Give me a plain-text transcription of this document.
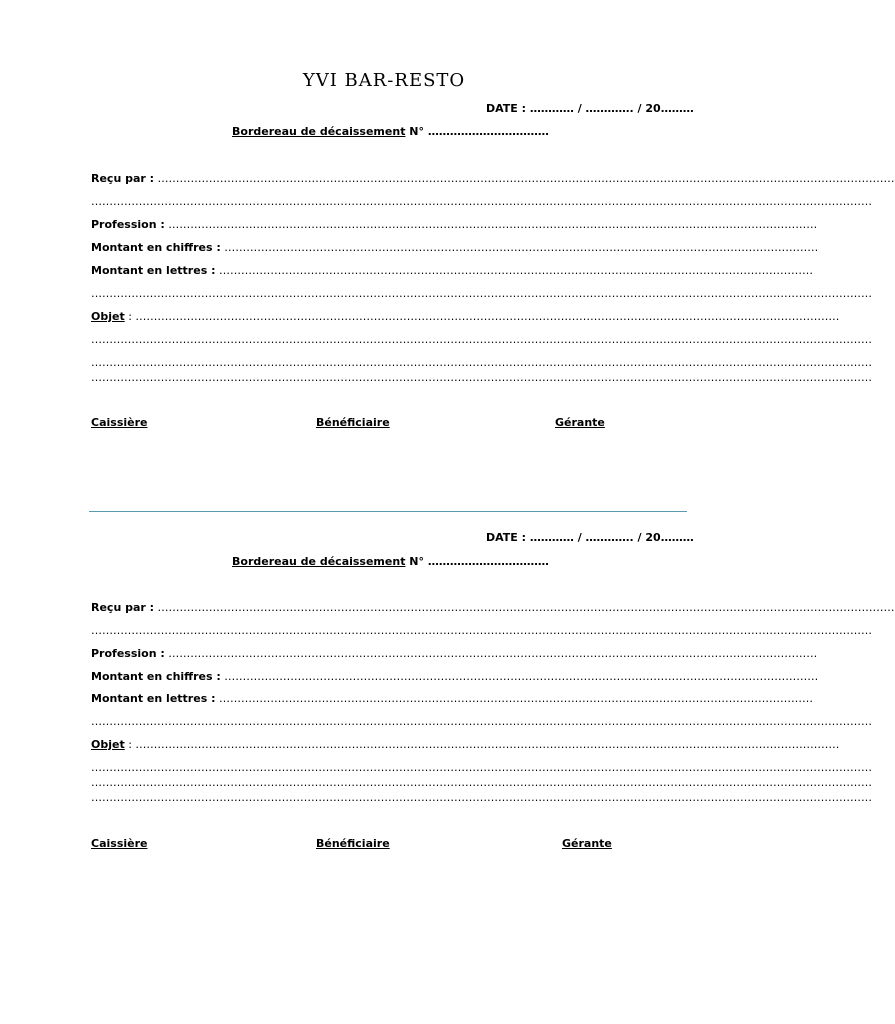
YVI BAR-RESTO
DATE : ………… / …………. / 20………
Bordereau de décaissement N° ……………………………
Reçu par : …………………………………………………………………………………………………………………………………………………………………………………
……………………………………………………………………………………………………………………………………………………………………………………………
Profession : ……………………………………………………………………………………………………………………………………………………………
Montant en chiffres : ………………………………………………………………………………………………………………………………………………
Montant en lettres : ………………………………………………………………………………………………………………………………………………
……………………………………………………………………………………………………………………………………………………………………………………………
Objet : …………………………………………………………………………………………………………………………………………………………………………
……………………………………………………………………………………………………………………………………………………………………………………………
……………………………………………………………………………………………………………………………………………………………………………………………
……………………………………………………………………………………………………………………………………………………………………………………………
Caissière	Bénéficiaire	Gérante
DATE : ………… / …………. / 20………
Bordereau de décaissement N° ……………………………
Reçu par : …………………………………………………………………………………………………………………………………………………………………………………
……………………………………………………………………………………………………………………………………………………………………………………………
Profession : ……………………………………………………………………………………………………………………………………………………………
Montant en chiffres : ………………………………………………………………………………………………………………………………………………
Montant en lettres : ………………………………………………………………………………………………………………………………………………
……………………………………………………………………………………………………………………………………………………………………………………………
Objet : …………………………………………………………………………………………………………………………………………………………………………
……………………………………………………………………………………………………………………………………………………………………………………………
……………………………………………………………………………………………………………………………………………………………………………………………
……………………………………………………………………………………………………………………………………………………………………………………………
Caissière	Bénéficiaire	Gérante
